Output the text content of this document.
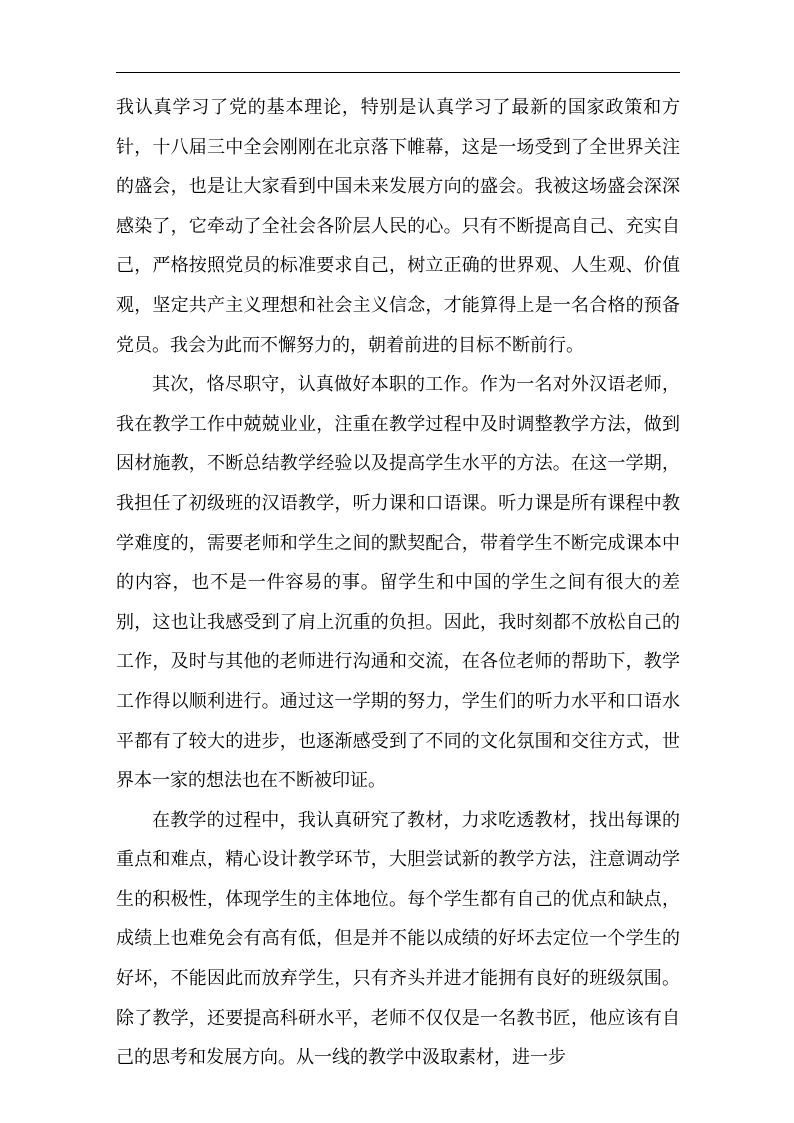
我认真学习了党的基本理论，特别是认真学习了最新的国家政策和方针，十八届三中全会刚刚在北京落下帷幕，这是一场受到了全世界关注的盛会，也是让大家看到中国未来发展方向的盛会。我被这场盛会深深感染了，它牵动了全社会各阶层人民的心。只有不断提高自己、充实自己，严格按照党员的标准要求自己，树立正确的世界观、人生观、价值观，坚定共产主义理想和社会主义信念，才能算得上是一名合格的预备党员。我会为此而不懈努力的，朝着前进的目标不断前行。

其次，恪尽职守，认真做好本职的工作。作为一名对外汉语老师，我在教学工作中兢兢业业，注重在教学过程中及时调整教学方法，做到因材施教，不断总结教学经验以及提高学生水平的方法。在这一学期，我担任了初级班的汉语教学，听力课和口语课。听力课是所有课程中教学难度的，需要老师和学生之间的默契配合，带着学生不断完成课本中的内容，也不是一件容易的事。留学生和中国的学生之间有很大的差别，这也让我感受到了肩上沉重的负担。因此，我时刻都不放松自己的工作，及时与其他的老师进行沟通和交流，在各位老师的帮助下，教学工作得以顺利进行。通过这一学期的努力，学生们的听力水平和口语水平都有了较大的进步，也逐渐感受到了不同的文化氛围和交往方式，世界本一家的想法也在不断被印证。

在教学的过程中，我认真研究了教材，力求吃透教材，找出每课的重点和难点，精心设计教学环节，大胆尝试新的教学方法，注意调动学生的积极性，体现学生的主体地位。每个学生都有自己的优点和缺点，成绩上也难免会有高有低，但是并不能以成绩的好坏去定位一个学生的好坏，不能因此而放弃学生，只有齐头并进才能拥有良好的班级氛围。除了教学，还要提高科研水平，老师不仅仅是一名教书匠，他应该有自己的思考和发展方向。从一线的教学中汲取素材，进一步
